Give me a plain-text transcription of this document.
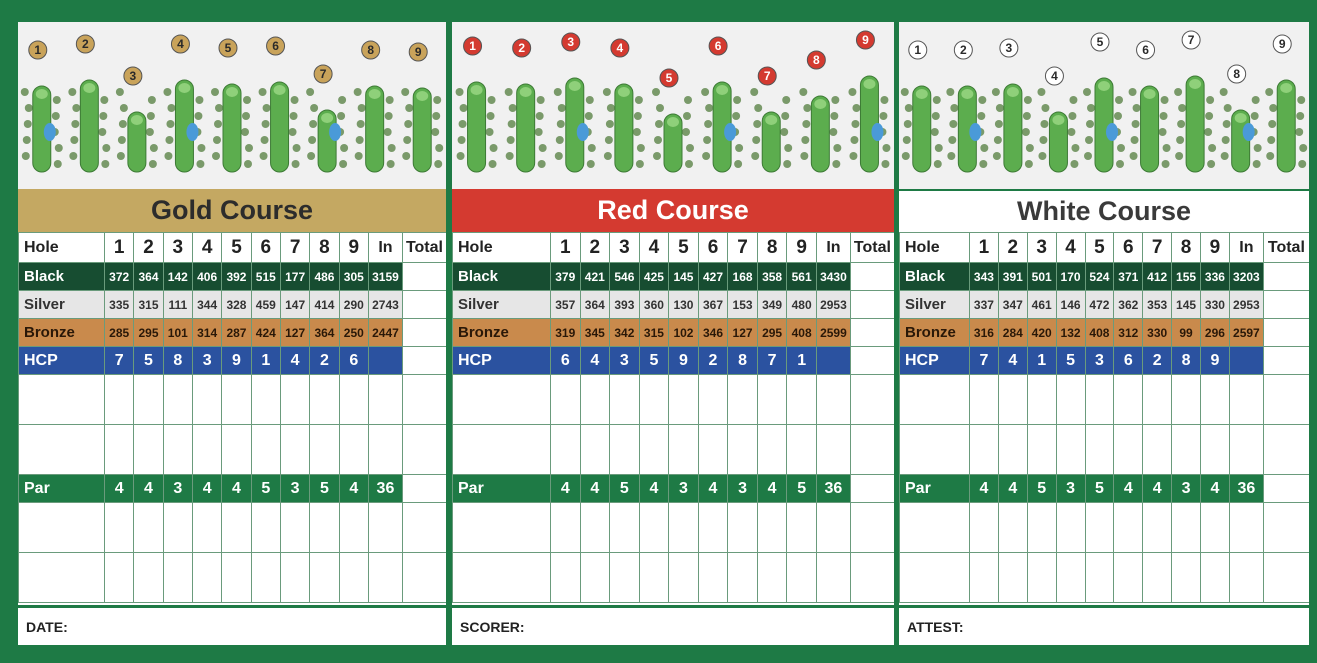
1	2
3
4	5	6
7
8	9
Gold Course
Hole	1	2	3	4	5	6	7	8	9	In	Total
Black	372	364	142	406	392	515	177	486	305	3159	
Silver	335	315	111	344	328	459	147	414	290	2743	
Bronze	285	295	101	314	287	424	127	364	250	2447	
HCP	7	5	8	3	9	1	4	2	6		

Par	4	4	3	4	4	5	3	5	4	36	

1	2	3	4
5
6
7
8
9
Red Course
Hole	1	2	3	4	5	6	7	8	9	In	Total
Black	379	421	546	425	145	427	168	358	561	3430	
Silver	357	364	393	360	130	367	153	349	480	2953	
Bronze	319	345	342	315	102	346	127	295	408	2599	
HCP	6	4	3	5	9	2	8	7	1		

Par	4	4	5	4	3	4	3	4	5	36	

1	2	3
4
5
6
7
8
9
White Course
Hole	1	2	3	4	5	6	7	8	9	In	Total
Black	343	391	501	170	524	371	412	155	336	3203	
Silver	337	347	461	146	472	362	353	145	330	2953	
Bronze	316	284	420	132	408	312	330	99	296	2597	
HCP	7	4	1	5	3	6	2	8	9		

Par	4	4	5	3	5	4	4	3	4	36	

DATE:	SCORER:	ATTEST:
